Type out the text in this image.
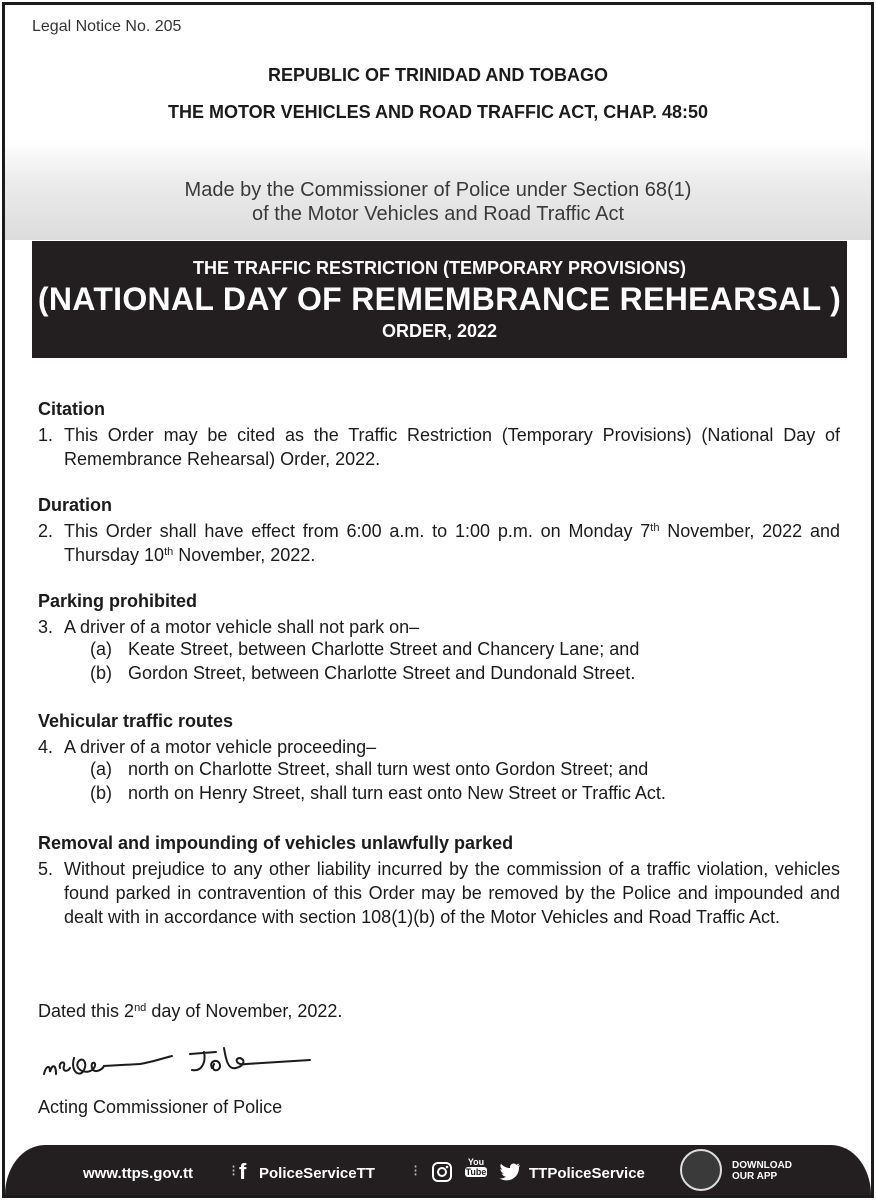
Legal Notice No. 205
REPUBLIC OF TRINIDAD AND TOBAGO
THE MOTOR VEHICLES AND ROAD TRAFFIC ACT, CHAP. 48:50
Made by the Commissioner of Police under Section 68(1)
of the Motor Vehicles and Road Traffic Act
THE TRAFFIC RESTRICTION (TEMPORARY PROVISIONS)
(NATIONAL DAY OF REMEMBRANCE REHEARSAL )
ORDER, 2022
Citation
1. This Order may be cited as the Traffic Restriction (Temporary Provisions) (National Day of Remembrance Rehearsal) Order, 2022.
Duration
2. This Order shall have effect from 6:00 a.m. to 1:00 p.m. on Monday 7th November, 2022 and Thursday 10th November, 2022.
Parking prohibited
3. A driver of a motor vehicle shall not park on–
(a) Keate Street, between Charlotte Street and Chancery Lane; and
(b) Gordon Street, between Charlotte Street and Dundonald Street.
Vehicular traffic routes
4. A driver of a motor vehicle proceeding–
(a) north on Charlotte Street, shall turn west onto Gordon Street; and
(b) north on Henry Street, shall turn east onto New Street or Traffic Act.
Removal and impounding of vehicles unlawfully parked
5. Without prejudice to any other liability incurred by the commission of a traffic violation, vehicles found parked in contravention of this Order may be removed by the Police and impounded and dealt with in accordance with section 108(1)(b) of the Motor Vehicles and Road Traffic Act.
Dated this 2nd day of November, 2022.
Acting Commissioner of Police
www.ttps.gov.tt ⁝ f PoliceServiceTT ⁝
You
Tube	TTPoliceService	DOWNLOAD
OUR APP
